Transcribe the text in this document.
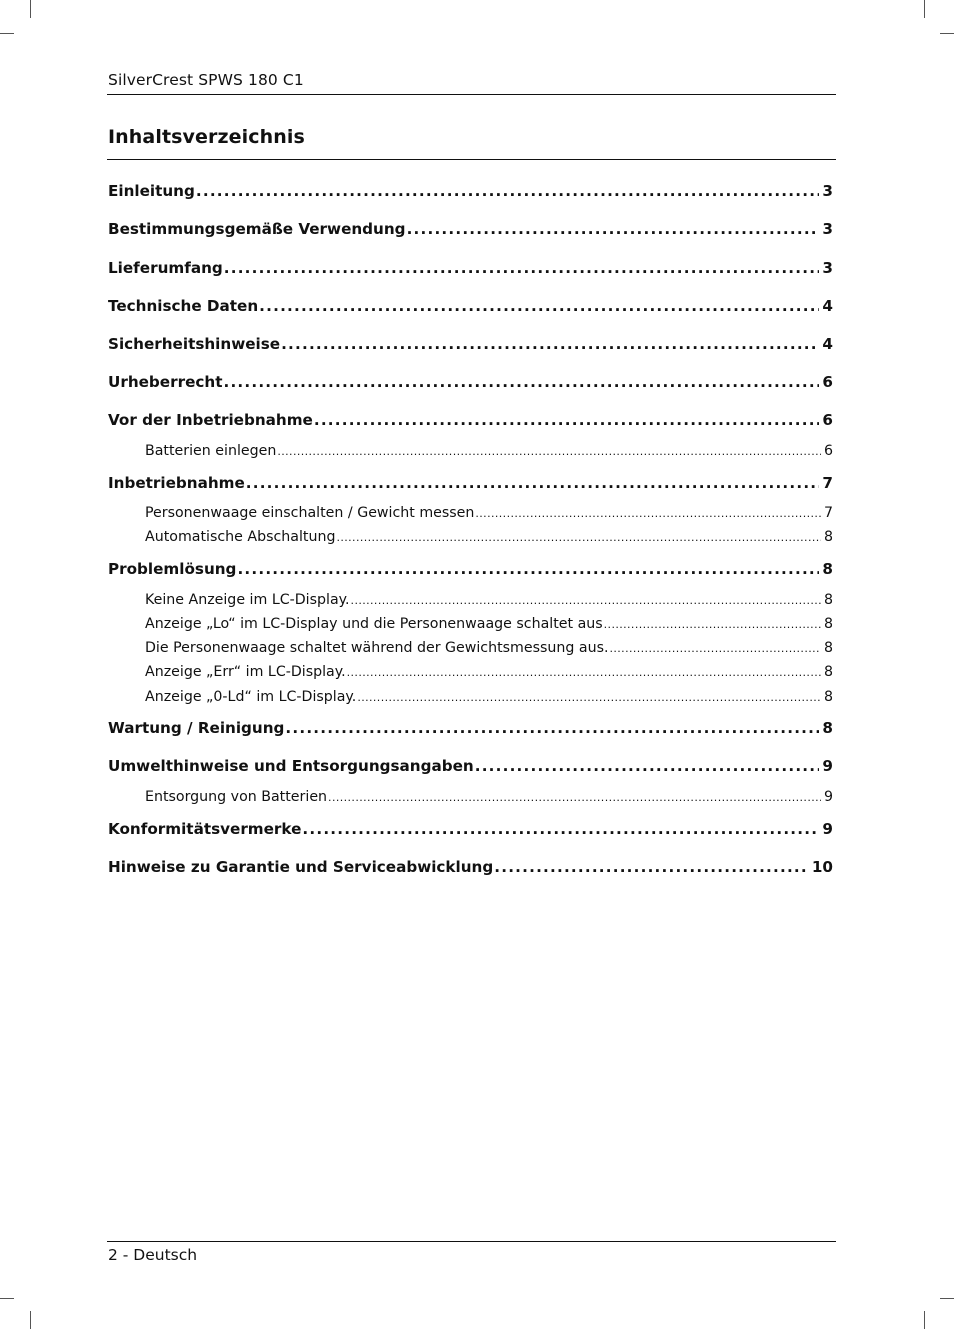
SilverCrest SPWS 180 C1
Inhaltsverzeichnis
Einleitung .....	3
Bestimmungsgemäße Verwendung .....	3
Lieferumfang .....	3
Technische Daten .....	4
Sicherheitshinweise .....	4
Urheberrecht .....	6
Vor der Inbetriebnahme .....	6
Batterien einlegen .....	6
Inbetriebnahme .....	7
Personenwaage einschalten / Gewicht messen .....	7
Automatische Abschaltung .....	8
Problemlösung .....	8
Keine Anzeige im LC-Display. .....	8
Anzeige „Lo“ im LC-Display und die Personenwaage schaltet aus .....	8
Die Personenwaage schaltet während der Gewichtsmessung aus. .....	8
Anzeige „Err“ im LC-Display. .....	8
Anzeige „0-Ld“ im LC-Display. .....	8
Wartung / Reinigung .....	8
Umwelthinweise und Entsorgungsangaben .....	9
Entsorgung von Batterien .....	9
Konformitätsvermerke .....	9
Hinweise zu Garantie und Serviceabwicklung .....	10
2 - Deutsch
